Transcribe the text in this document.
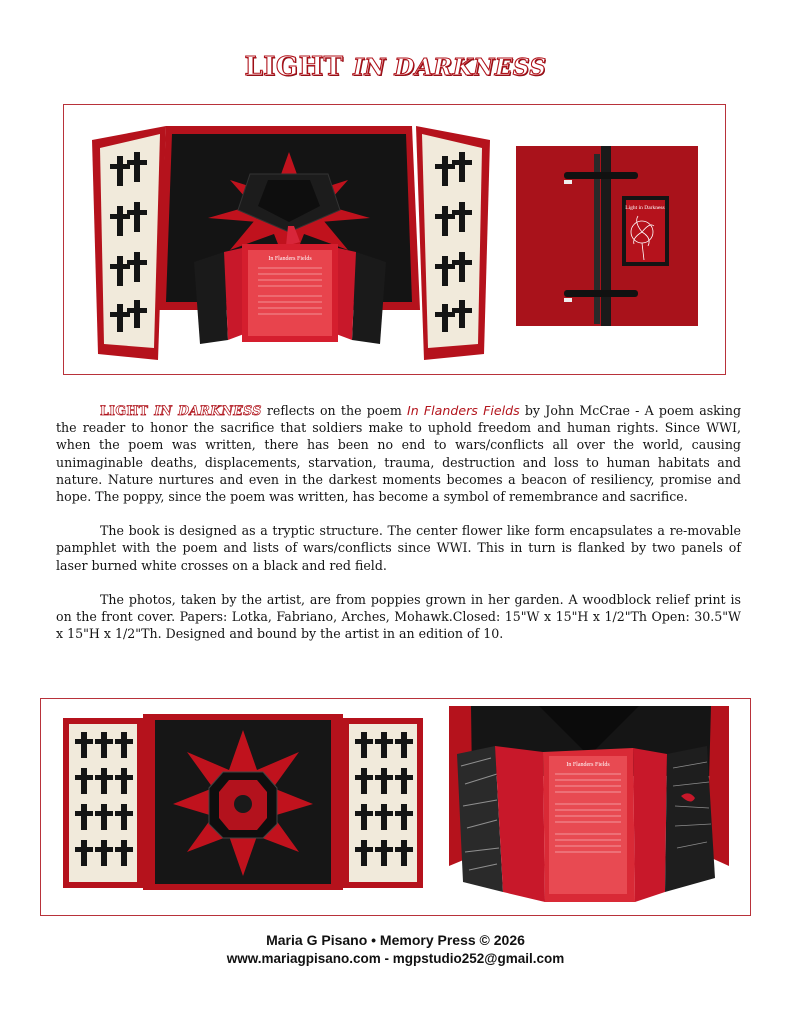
LIGHT IN DARKNESS
In Flanders Fields
Light in Darkness

LIGHT IN DARKNESS reflects on the poem In Flanders Fields by John McCrae - A poem asking the reader to honor the sacrifice that soldiers make to uphold freedom and human rights. Since WWI, when the poem was written, there has been no end to wars/conflicts all over the world, causing unimaginable deaths, displacements, starvation, trauma, destruction and loss to human habitats and nature. Nature nurtures and even in the darkest moments becomes a beacon of resiliency, promise and hope. The poppy, since the poem was written, has become a symbol of remembrance and sacrifice.

The book is designed as a tryptic structure. The center flower like form encapsulates a re-movable pamphlet with the poem and lists of wars/conflicts since WWI. This in turn is flanked by two panels of laser burned white crosses on a black and red field.

The photos, taken by the artist, are from poppies grown in her garden. A woodblock relief print is on the front cover. Papers: Lotka, Fabriano, Arches, Mohawk.Closed: 15"W x 15"H x 1/2"Th Open: 30.5"W x 15"H x 1/2"Th. Designed and bound by the artist in an edition of 10.

In Flanders Fields
Maria G Pisano • Memory Press © 2026
www.mariagpisano.com - mgpstudio252@gmail.com
